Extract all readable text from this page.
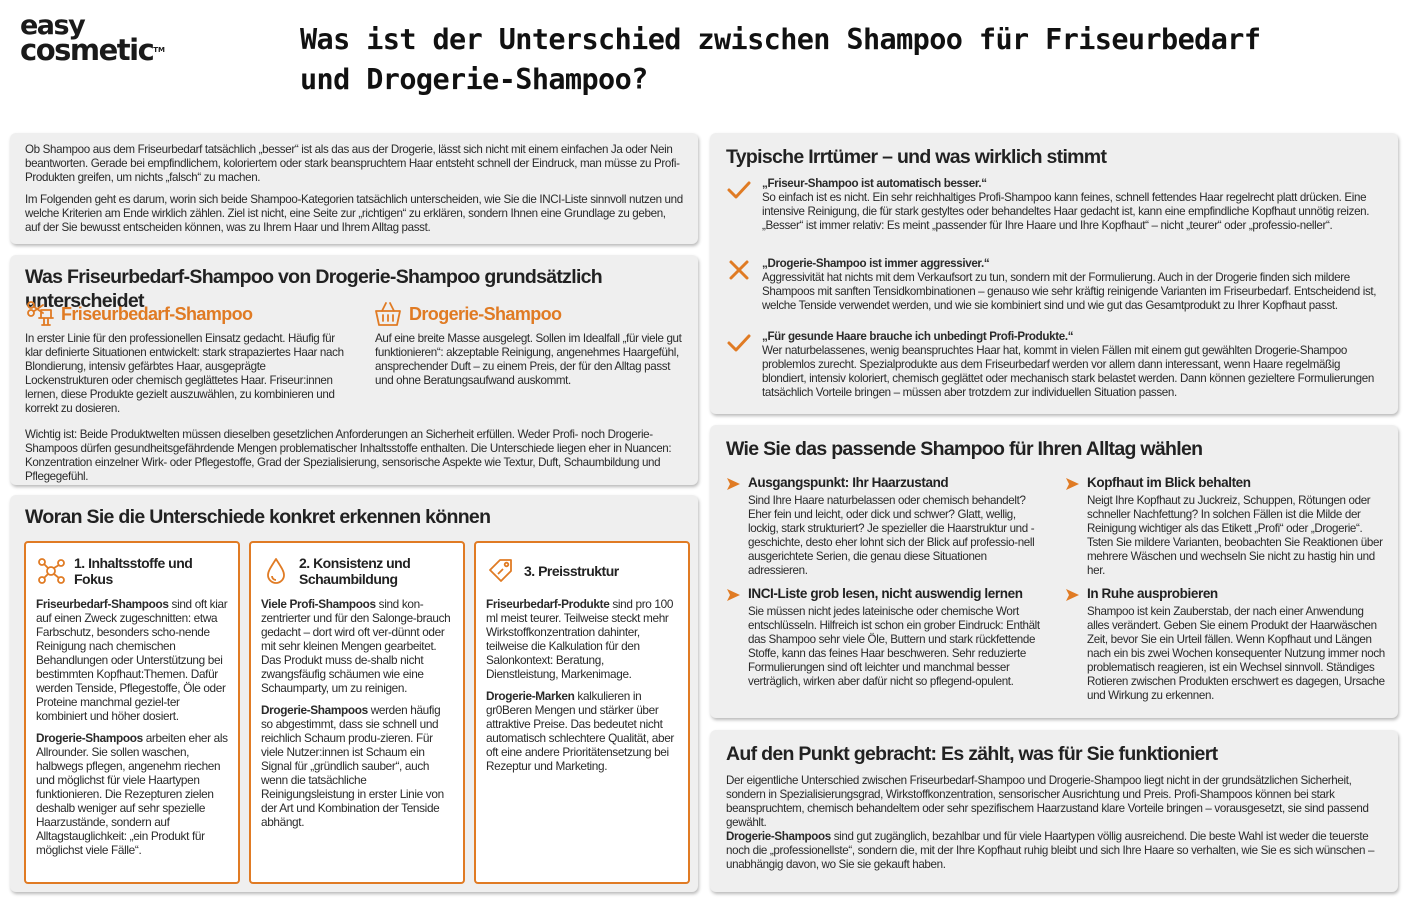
easy
cosmetic™	Was ist der Unterschied zwischen Shampoo für Friseurbedarf und Drogerie-Shampoo?

Ob Shampoo aus dem Friseurbedarf tatsächlich „besser“ ist als das aus der Drogerie, lässt sich nicht mit einem einfachen Ja oder Nein beantworten. Gerade bei empfindlichem, koloriertem oder stark beanspruchtem Haar entsteht schnell der Eindruck, man müsse zu Profi-Produkten greifen, um nichts „falsch“ zu machen.

Im Folgenden geht es darum, worin sich beide Shampoo-Kategorien tatsächlich unterscheiden, wie Sie die INCI-Liste sinnvoll nutzen und welche Kriterien am Ende wirklich zählen. Ziel ist nicht, eine Seite zur „richtigen“ zu erklären, sondern Ihnen eine Grundlage zu geben, auf der Sie bewusst entscheiden können, was zu Ihrem Haar und Ihrem Alltag passt.

Was Friseurbedarf-Shampoo von Drogerie-Shampoo grundsätzlich unterscheidet
Friseurbedarf-Shampoo	Drogerie-Shampoo
In erster Linie für den professionellen Einsatz gedacht. Häufig für klar definierte Situationen entwickelt: stark strapaziertes Haar nach Blondierung, intensiv gefärbtes Haar, ausgeprägte Lockenstrukturen oder chemisch geglättetes Haar. Friseur:innen lernen, diese Produkte gezielt auszuwählen, zu kombinieren und korrekt zu dosieren.
Auf eine breite Masse ausgelegt. Sollen im Idealfall „für viele gut funktionieren“: akzeptable Reinigung, angenehmes Haargefühl, ansprechender Duft – zu einem Preis, der für den Alltag passt und ohne Beratungsaufwand auskommt.
Wichtig ist: Beide Produktwelten müssen dieselben gesetzlichen Anforderungen an Sicherheit erfüllen. Weder Profi- noch Drogerie-Shampoos dürfen gesundheitsgefährdende Mengen problematischer Inhaltsstoffe enthalten. Die Unterschiede liegen eher in Nuancen: Konzentration einzelner Wirk- oder Pflegestoffe, Grad der Spezialisierung, sensorische Aspekte wie Textur, Duft, Schaumbildung und Pflegegefühl.
Woran Sie die Unterschiede konkret erkennen können
1. Inhaltsstoffe und Fokus

Friseurbedarf-Shampoos sind oft kiar auf einen Zweck zugeschnitten: etwa Farbschutz, besonders scho-nende Reinigung nach chemischen Behandlungen oder Unterstützung bei bestimmten Kopfhaut:Themen. Dafür werden Tenside, Pflegestoffe, Öle oder Proteine manchmal geziel-ter kombiniert und höher dosiert.

Drogerie-Shampoos arbeiten eher als Allrounder. Sie sollen waschen, halbwegs pflegen, angenehm riechen und möglichst für viele Haartypen funktionieren. Die Rezepturen zielen deshalb weniger auf sehr spezielle Haarzustände, sondern auf Alltagstauglichkeit: „ein Produkt für möglichst viele Fälle“.

2. Konsistenz und Schaumbildung

Viele Profi-Shampoos sind kon-zentrierter und für den Salonge-brauch gedacht – dort wird oft ver-dünnt oder mit sehr kleinen Mengen gearbeitet. Das Produkt muss de-shalb nicht zwangsfäufig schäumen wie eine Schaumparty, um zu reinigen.

Drogerie-Shampoos werden häufig so abgestimmt, dass sie schnell und reichlich Schaum produ-zieren. Für viele Nutzer:innen ist Schaum ein Signal für „gründlich sauber“, auch wenn die tatsächliche Reinigungsleistung in erster Linie von der Art und Kombination der Tenside abhängt.

3. Preisstruktur

Friseurbedarf-Produkte sind pro 100 ml meist teurer. Teilweise steckt mehr Wirkstoffkonzentration dahinter, teilweise die Kalkulation für den Salonkontext: Beratung, Dienstleistung, Markenimage.

Drogerie-Marken kalkulieren in gr0Beren Mengen und stärker über attraktive Preise. Das bedeutet nicht automatisch schlechtere Qualität, aber oft eine andere Prioritätensetzung bei Rezeptur und Marketing.

Typische Irrtümer – und was wirklich stimmt
„Friseur-Shampoo ist automatisch besser.“
So einfach ist es nicht. Ein sehr reichhaltiges Profi-Shampoo kann feines, schnell fettendes Haar regelrecht platt drücken. Eine intensive Reinigung, die für stark gestyltes oder behandeltes Haar gedacht ist, kann eine empfindliche Kopfhaut unnötig reizen. „Besser“ ist immer relativ: Es meint „passender für Ihre Haare und Ihre Kopfhaut“ – nicht „teurer“ oder „professio-neller“.
„Drogerie-Shampoo ist immer aggressiver.“
Aggressivität hat nichts mit dem Verkaufsort zu tun, sondern mit der Formulierung. Auch in der Drogerie finden sich mildere Shampoos mit sanften Tensidkombinationen – genauso wie sehr kräftig reinigende Varianten im Friseurbedarf. Entscheidend ist, welche Tenside verwendet werden, und wie sie kombiniert sind und wie gut das Gesamtprodukt zu Ihrer Kopfhaut passt.
„Für gesunde Haare brauche ich unbedingt Profi-Produkte.“
Wer naturbelassenes, wenig beanspruchtes Haar hat, kommt in vielen Fällen mit einem gut gewählten Drogerie-Shampoo problemlos zurecht. Spezialprodukte aus dem Friseurbedarf werden vor allem dann interessant, wenn Haare regelmäßig blondiert, intensiv koloriert, chemisch geglättet oder mechanisch stark belastet werden. Dann können gezieltere Formulierungen tatsächlich Vorteile bringen – müssen aber trotzdem zur individuellen Situation passen.
Wie Sie das passende Shampoo für Ihren Alltag wählen
Ausgangspunkt: Ihr Haarzustand
Sind Ihre Haare naturbelassen oder chemisch behandelt? Eher fein und leicht, oder dick und schwer? Glatt, wellig, lockig, stark strukturiert? Je spezieller die Haarstruktur und -geschichte, desto eher lohnt sich der Blick auf professio-nell ausgerichtete Serien, die genau diese Situationen adressieren.
Kopfhaut im Blick behalten
Neigt Ihre Kopfhaut zu Juckreiz, Schuppen, Rötungen oder schneller Nachfettung? In solchen Fällen ist die Milde der Reinigung wichtiger als das Etikett „Profi“ oder „Drogerie“. Tsten Sie mildere Varianten, beobachten Sie Reaktionen über mehrere Wäschen und wechseln Sie nicht zu hastig hin und her.
INCI-Liste grob lesen, nicht auswendig lernen
Sie müssen nicht jedes lateinische oder chemische Wort entschlüsseln. Hilfreich ist schon ein grober Eindruck: Enthält das Shampoo sehr viele Öle, Buttern und stark rückfettende Stoffe, kann das feines Haar beschweren. Sehr reduzierte Formulierungen sind oft leichter und manchmal besser verträglich, wirken aber dafür nicht so pflegend-opulent.
In Ruhe ausprobieren
Shampoo ist kein Zauberstab, der nach einer Anwendung alles verändert. Geben Sie einem Produkt der Haarwäschen Zeit, bevor Sie ein Urteil fällen. Wenn Kopfhaut und Längen nach ein bis zwei Wochen konsequenter Nutzung immer noch problematisch reagieren, ist ein Wechsel sinnvoll. Ständiges Rotieren zwischen Produkten erschwert es dagegen, Ursache und Wirkung zu erkennen.
Auf den Punkt gebracht: Es zählt, was für Sie funktioniert

Der eigentliche Unterschied zwischen Friseurbedarf-Shampoo und Drogerie-Shampoo liegt nicht in der grundsätzlichen Sicherheit, sondern in Spezialisierungsgrad, Wirkstoffkonzentration, sensorischer Ausrichtung und Preis. Profi-Shampoos können bei stark beanspruchtem, chemisch behandeltem oder sehr spezifischem Haarzustand klare Vorteile bringen – vorausgesetzt, sie sind passend gewählt.

Drogerie-Shampoos sind gut zugänglich, bezahlbar und für viele Haartypen völlig ausreichend. Die beste Wahl ist weder die teuerste noch die „professionellste“, sondern die, mit der Ihre Kopfhaut ruhig bleibt und sich Ihre Haare so verhalten, wie Sie es sich wünschen – unabhängig davon, wo Sie sie gekauft haben.
